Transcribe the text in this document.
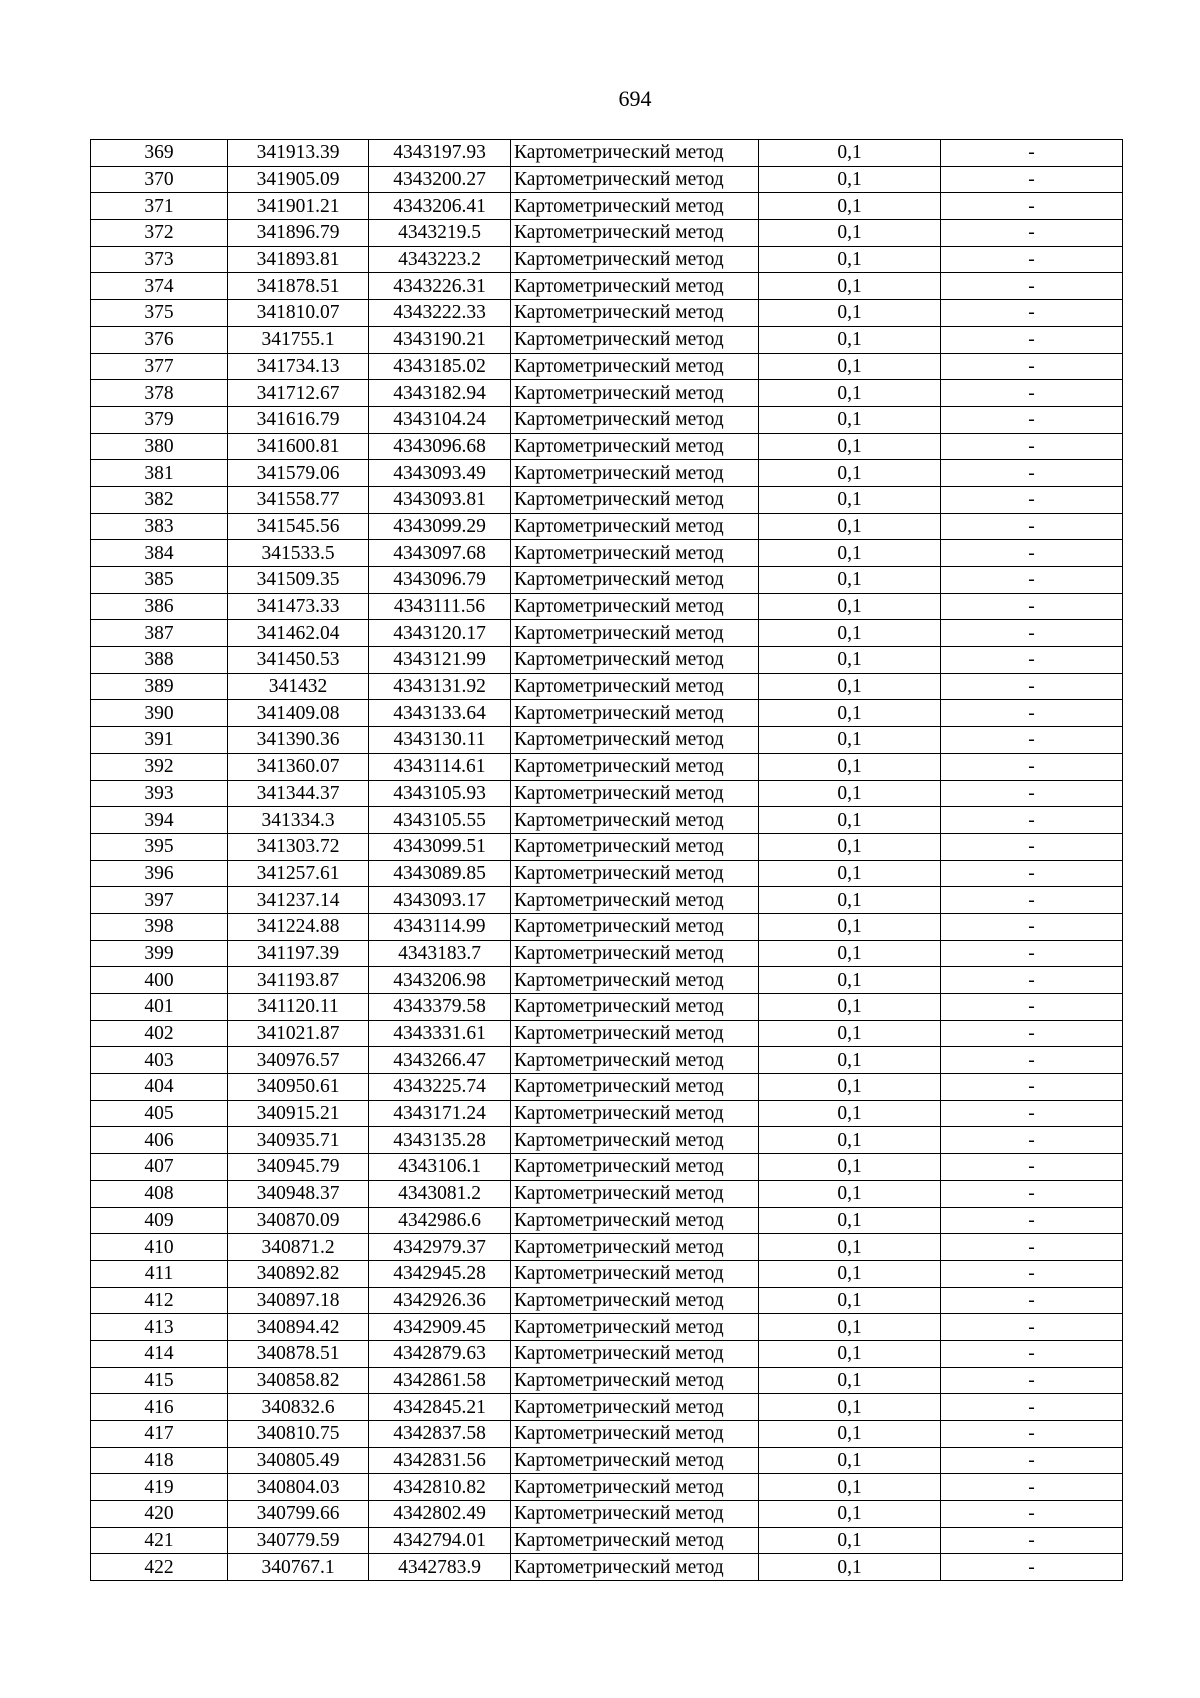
694
369	341913.39	4343197.93	Картометрический метод	0,1	-
370	341905.09	4343200.27	Картометрический метод	0,1	-
371	341901.21	4343206.41	Картометрический метод	0,1	-
372	341896.79	4343219.5	Картометрический метод	0,1	-
373	341893.81	4343223.2	Картометрический метод	0,1	-
374	341878.51	4343226.31	Картометрический метод	0,1	-
375	341810.07	4343222.33	Картометрический метод	0,1	-
376	341755.1	4343190.21	Картометрический метод	0,1	-
377	341734.13	4343185.02	Картометрический метод	0,1	-
378	341712.67	4343182.94	Картометрический метод	0,1	-
379	341616.79	4343104.24	Картометрический метод	0,1	-
380	341600.81	4343096.68	Картометрический метод	0,1	-
381	341579.06	4343093.49	Картометрический метод	0,1	-
382	341558.77	4343093.81	Картометрический метод	0,1	-
383	341545.56	4343099.29	Картометрический метод	0,1	-
384	341533.5	4343097.68	Картометрический метод	0,1	-
385	341509.35	4343096.79	Картометрический метод	0,1	-
386	341473.33	4343111.56	Картометрический метод	0,1	-
387	341462.04	4343120.17	Картометрический метод	0,1	-
388	341450.53	4343121.99	Картометрический метод	0,1	-
389	341432	4343131.92	Картометрический метод	0,1	-
390	341409.08	4343133.64	Картометрический метод	0,1	-
391	341390.36	4343130.11	Картометрический метод	0,1	-
392	341360.07	4343114.61	Картометрический метод	0,1	-
393	341344.37	4343105.93	Картометрический метод	0,1	-
394	341334.3	4343105.55	Картометрический метод	0,1	-
395	341303.72	4343099.51	Картометрический метод	0,1	-
396	341257.61	4343089.85	Картометрический метод	0,1	-
397	341237.14	4343093.17	Картометрический метод	0,1	-
398	341224.88	4343114.99	Картометрический метод	0,1	-
399	341197.39	4343183.7	Картометрический метод	0,1	-
400	341193.87	4343206.98	Картометрический метод	0,1	-
401	341120.11	4343379.58	Картометрический метод	0,1	-
402	341021.87	4343331.61	Картометрический метод	0,1	-
403	340976.57	4343266.47	Картометрический метод	0,1	-
404	340950.61	4343225.74	Картометрический метод	0,1	-
405	340915.21	4343171.24	Картометрический метод	0,1	-
406	340935.71	4343135.28	Картометрический метод	0,1	-
407	340945.79	4343106.1	Картометрический метод	0,1	-
408	340948.37	4343081.2	Картометрический метод	0,1	-
409	340870.09	4342986.6	Картометрический метод	0,1	-
410	340871.2	4342979.37	Картометрический метод	0,1	-
411	340892.82	4342945.28	Картометрический метод	0,1	-
412	340897.18	4342926.36	Картометрический метод	0,1	-
413	340894.42	4342909.45	Картометрический метод	0,1	-
414	340878.51	4342879.63	Картометрический метод	0,1	-
415	340858.82	4342861.58	Картометрический метод	0,1	-
416	340832.6	4342845.21	Картометрический метод	0,1	-
417	340810.75	4342837.58	Картометрический метод	0,1	-
418	340805.49	4342831.56	Картометрический метод	0,1	-
419	340804.03	4342810.82	Картометрический метод	0,1	-
420	340799.66	4342802.49	Картометрический метод	0,1	-
421	340779.59	4342794.01	Картометрический метод	0,1	-
422	340767.1	4342783.9	Картометрический метод	0,1	-
